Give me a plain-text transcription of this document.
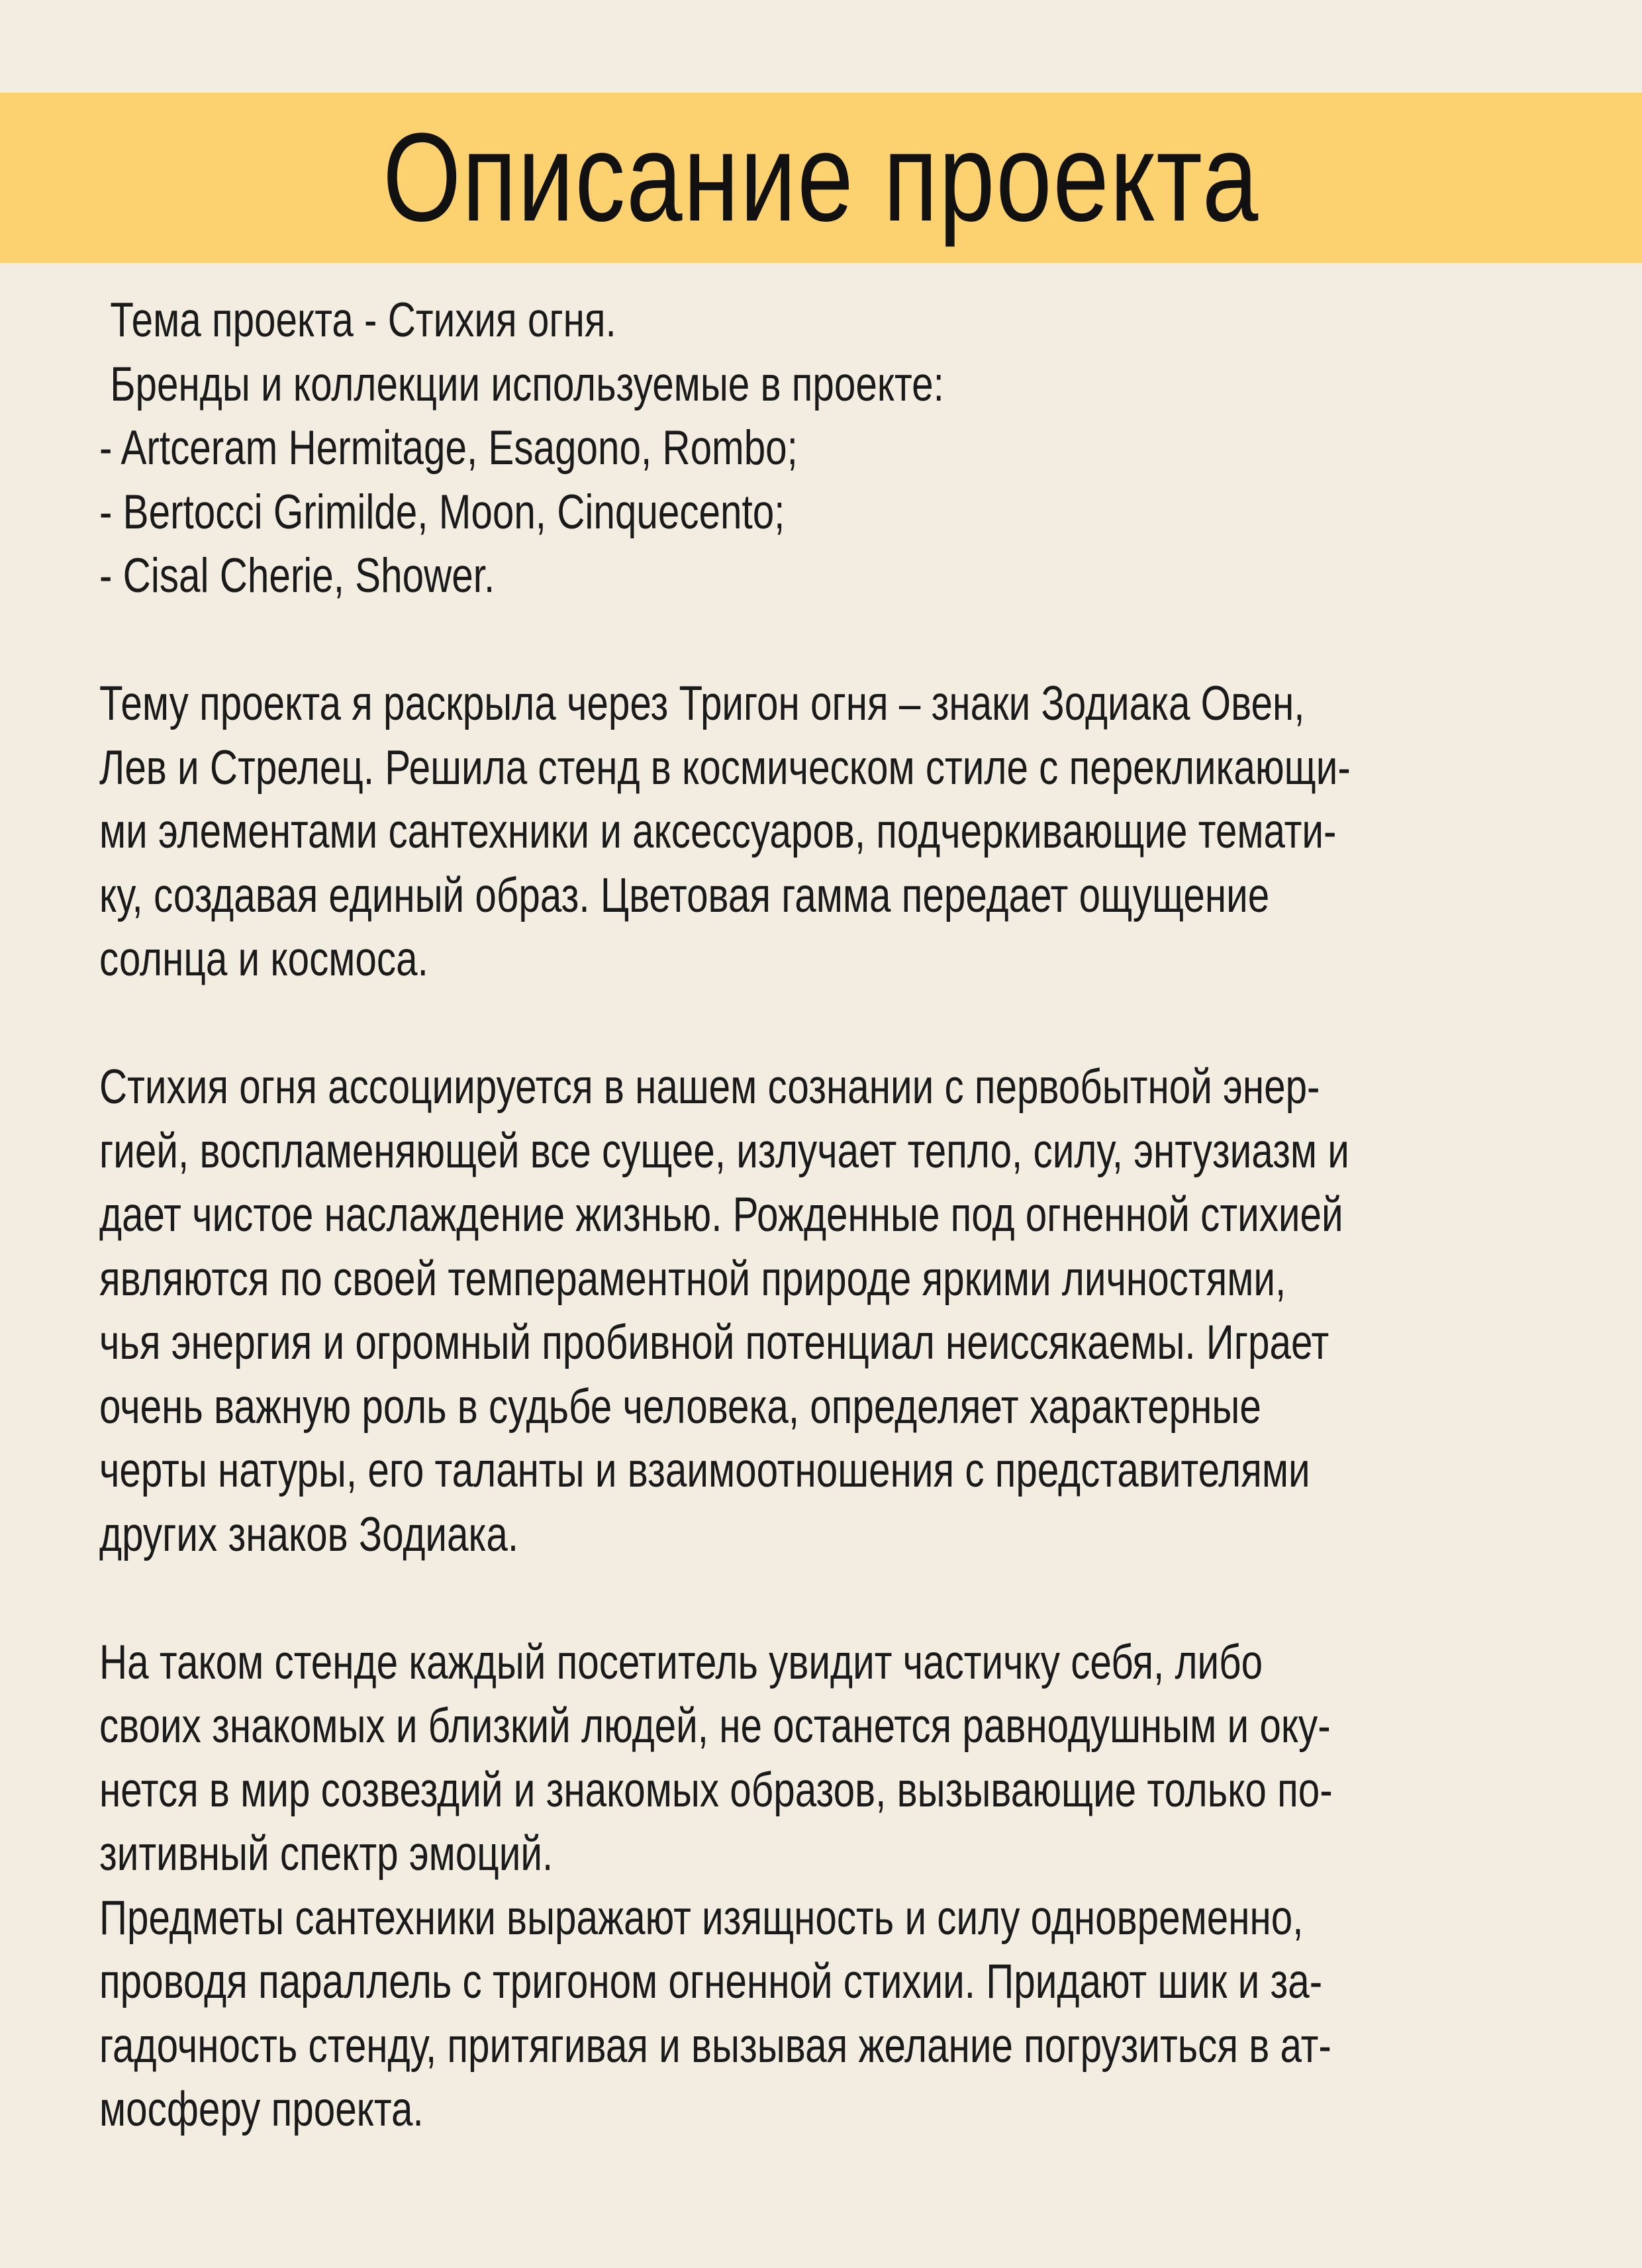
Описание проекта
Тема проекта - Стихия огня.
Бренды и коллекции используемые в проекте:
- Artceram Hermitage, Esagono, Rombo;
- Bertocci Grimilde, Moon, Cinquecento;
- Cisal Cherie, Shower.
Тему проекта я раскрыла через Тригон огня – знаки Зодиака Овен,
Лев и Стрелец. Решила стенд в космическом стиле с перекликающи-
ми элементами сантехники и аксессуаров, подчеркивающие темати-
ку, создавая единый образ. Цветовая гамма передает ощущение
солнца и космоса.
Стихия огня ассоциируется в нашем сознании с первобытной энер-
гией, воспламеняющей все сущее, излучает тепло, силу, энтузиазм и
дает чистое наслаждение жизнью. Рожденные под огненной стихией
являются по своей темпераментной природе яркими личностями,
чья энергия и огромный пробивной потенциал неиссякаемы. Играет
очень важную роль в судьбе человека, определяет характерные
черты натуры, его таланты и взаимоотношения с представителями
других знаков Зодиака.
На таком стенде каждый посетитель увидит частичку себя, либо
своих знакомых и близкий людей, не останется равнодушным и оку-
нется в мир созвездий и знакомых образов, вызывающие только по-
зитивный спектр эмоций.
Предметы сантехники выражают изящность и силу одновременно,
проводя параллель с тригоном огненной стихии. Придают шик и за-
гадочность стенду, притягивая и вызывая желание погрузиться в ат-
мосферу проекта.
